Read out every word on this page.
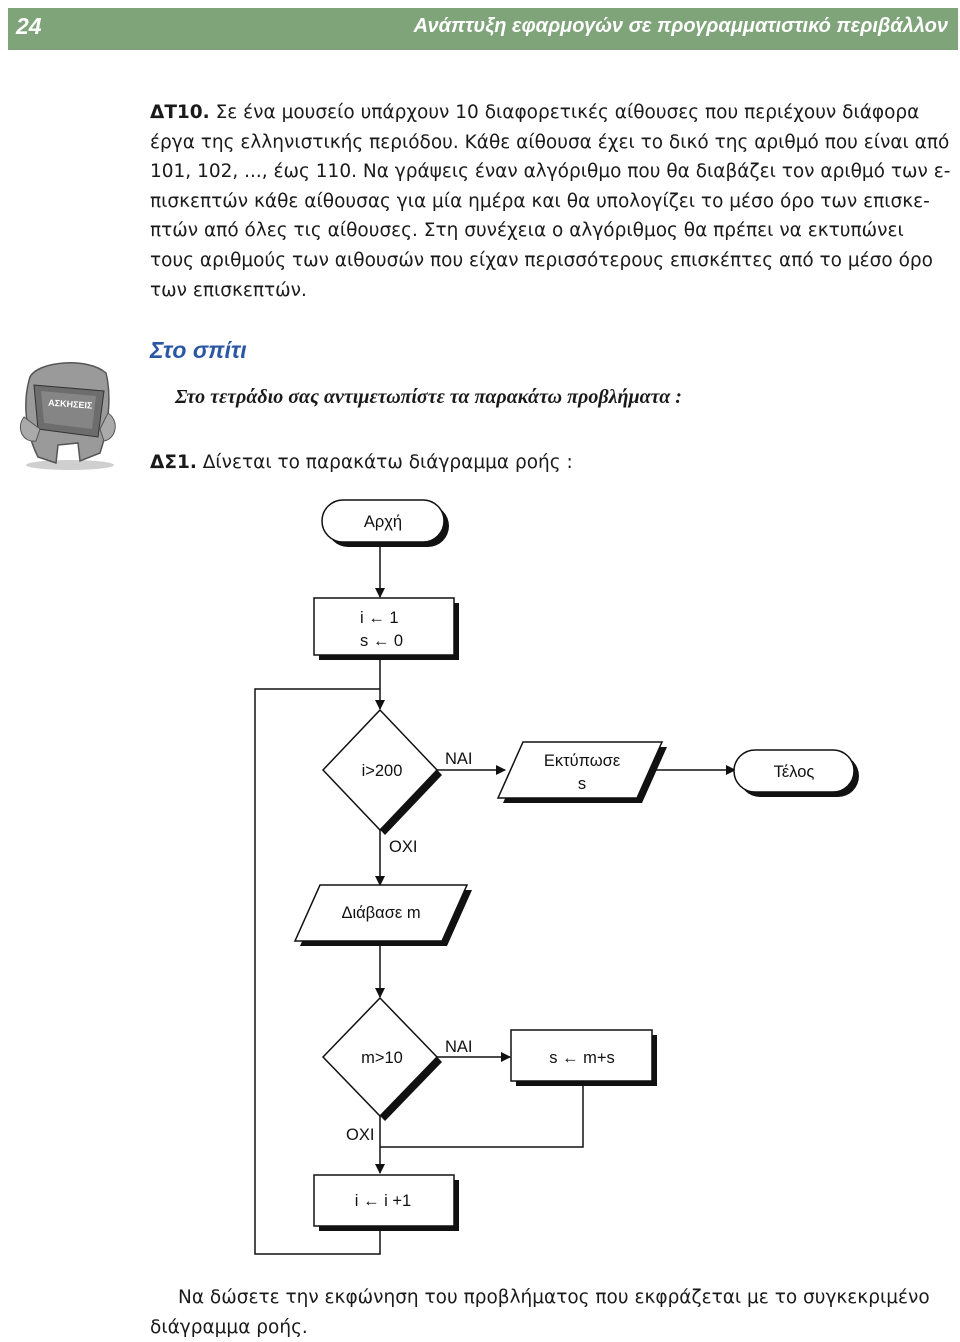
24	Ανάπτυξη εφαρμογών σε προγραμματιστικό περιβάλλον
ΔΤ10. Σε ένα μουσείο υπάρχουν 10 διαφορετικές αίθουσες που περιέχουν διάφορα
έργα της ελληνιστικής περιόδου. Κάθε αίθουσα έχει το δικό της αριθμό που είναι από
101, 102, ..., έως 110. Να γράψεις έναν αλγόριθμο που θα διαβάζει τον αριθμό των ε-
πισκεπτών κάθε αίθουσας για μία ημέρα και θα υπολογίζει το μέσο όρο των επισκε-
πτών από όλες τις αίθουσες. Στη συνέχεια ο αλγόριθμος θα πρέπει να εκτυπώνει
τους αριθμούς των αιθουσών που είχαν περισσότερους επισκέπτες από το μέσο όρο
των επισκεπτών.
Στο σπίτι
ΑΣΚΗΣΕΙΣ	Στο τετράδιο σας αντιμετωπίστε τα παρακάτω προβλήματα :
ΔΣ1. Δίνεται το παρακάτω διάγραμμα ροής :
Αρχή
i ← 1
s ← 0
i>200
ΝΑΙ
ΟΧΙ
Εκτύπωσε
s
Τέλος
Διάβασε m
m>10
ΝΑΙ
ΟΧΙ
s ← m+s
i ← i +1
Να δώσετε την εκφώνηση του προβλήματος που εκφράζεται με το συγκεκριμένο
διάγραμμα ροής.
